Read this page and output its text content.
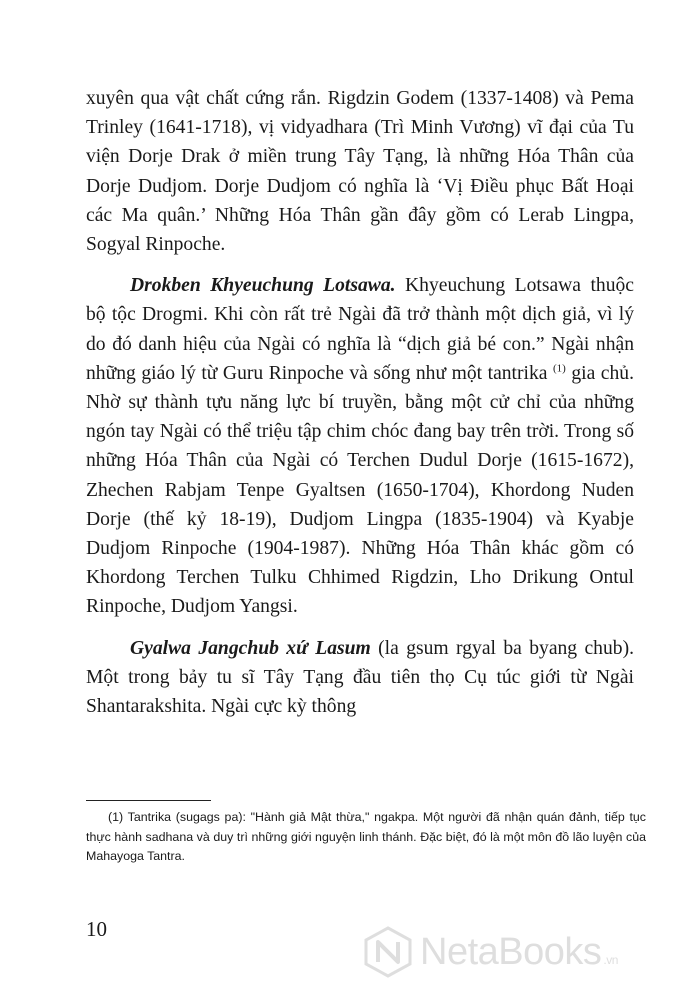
xuyên qua vật chất cứng rắn. Rigdzin Godem (1337-1408) và Pema Trinley (1641-1718), vị vidyadhara (Trì Minh Vương) vĩ đại của Tu viện Dorje Drak ở miền trung Tây Tạng, là những Hóa Thân của Dorje Dudjom. Dorje Dudjom có nghĩa là ‘Vị Điều phục Bất Hoại các Ma quân.’ Những Hóa Thân gần đây gồm có Lerab Lingpa, Sogyal Rinpoche.

Drokben Khyeuchung Lotsawa. Khyeuchung Lotsawa thuộc bộ tộc Drogmi. Khi còn rất trẻ Ngài đã trở thành một dịch giả, vì lý do đó danh hiệu của Ngài có nghĩa là “dịch giả bé con.” Ngài nhận những giáo lý từ Guru Rinpoche và sống như một tantrika $^{(1)}$ gia chủ. Nhờ sự thành tựu năng lực bí truyền, bằng một cử chỉ của những ngón tay Ngài có thể triệu tập chim chóc đang bay trên trời. Trong số những Hóa Thân của Ngài có Terchen Dudul Dorje (1615-1672), Zhechen Rabjam Tenpe Gyaltsen (1650-1704), Khordong Nuden Dorje (thế kỷ 18-19), Dudjom Lingpa (1835-1904) và Kyabje Dudjom Rinpoche (1904-1987). Những Hóa Thân khác gồm có Khordong Terchen Tulku Chhimed Rigdzin, Lho Drikung Ontul Rinpoche, Dudjom Yangsi.

Gyalwa Jangchub xứ Lasum (la gsum rgyal ba byang chub). Một trong bảy tu sĩ Tây Tạng đầu tiên thọ Cụ túc giới từ Ngài Shantarakshita. Ngài cực kỳ thông

(1) Tantrika (sugags pa): "Hành giả Mật thừa," ngakpa. Một người đã nhận quán đảnh, tiếp tục thực hành sadhana và duy trì những giới nguyện linh thánh. Đặc biệt, đó là một môn đồ lão luyện của Mahayoga Tantra.

10
NetaBooks .vn
